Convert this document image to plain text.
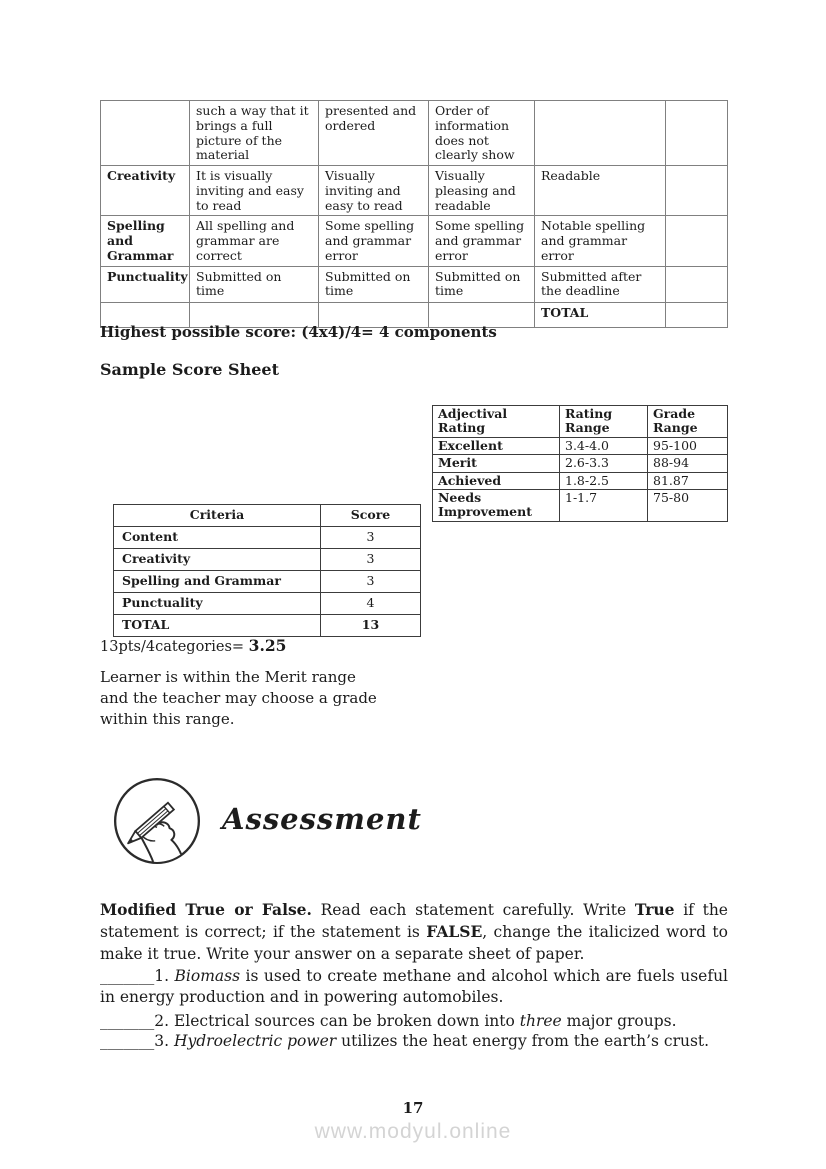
	such a way that it brings a full picture of the material	presented and ordered	Order of information does not clearly show		
Creativity	It is visually inviting and easy to read	Visually inviting and easy to read	Visually pleasing and readable	Readable	
Spelling and Grammar	All spelling and grammar are correct	Some spelling and grammar error	Some spelling and grammar error	Notable spelling and grammar error	
Punctuality	Submitted on time	Submitted on time	Submitted on time	Submitted after the deadline	
				TOTAL	
Highest possible score: (4x4)/4= 4 components
Sample Score Sheet
Adjectival Rating	Rating Range	Grade Range
Excellent	3.4-4.0	95-100
Merit	2.6-3.3	88-94
Achieved	1.8-2.5	81.87
Needs Improvement	1-1.7	75-80
Criteria	Score
Content	3
Creativity	3
Spelling and Grammar	3
Punctuality	4
TOTAL	13
13pts/4categories= 3.25
Learner is within the Merit range and the teacher may choose a grade within this range.
Assessment
Modified True or False. Read each statement carefully. Write True if the statement is correct; if the statement is FALSE, change the italicized word to make it true. Write your answer on a separate sheet of paper.
_______1. Biomass is used to create methane and alcohol which are fuels useful in energy production and in powering automobiles.
_______2. Electrical sources can be broken down into three major groups.
_______3. Hydroelectric power utilizes the heat energy from the earth’s crust.
17
www.modyul.online
